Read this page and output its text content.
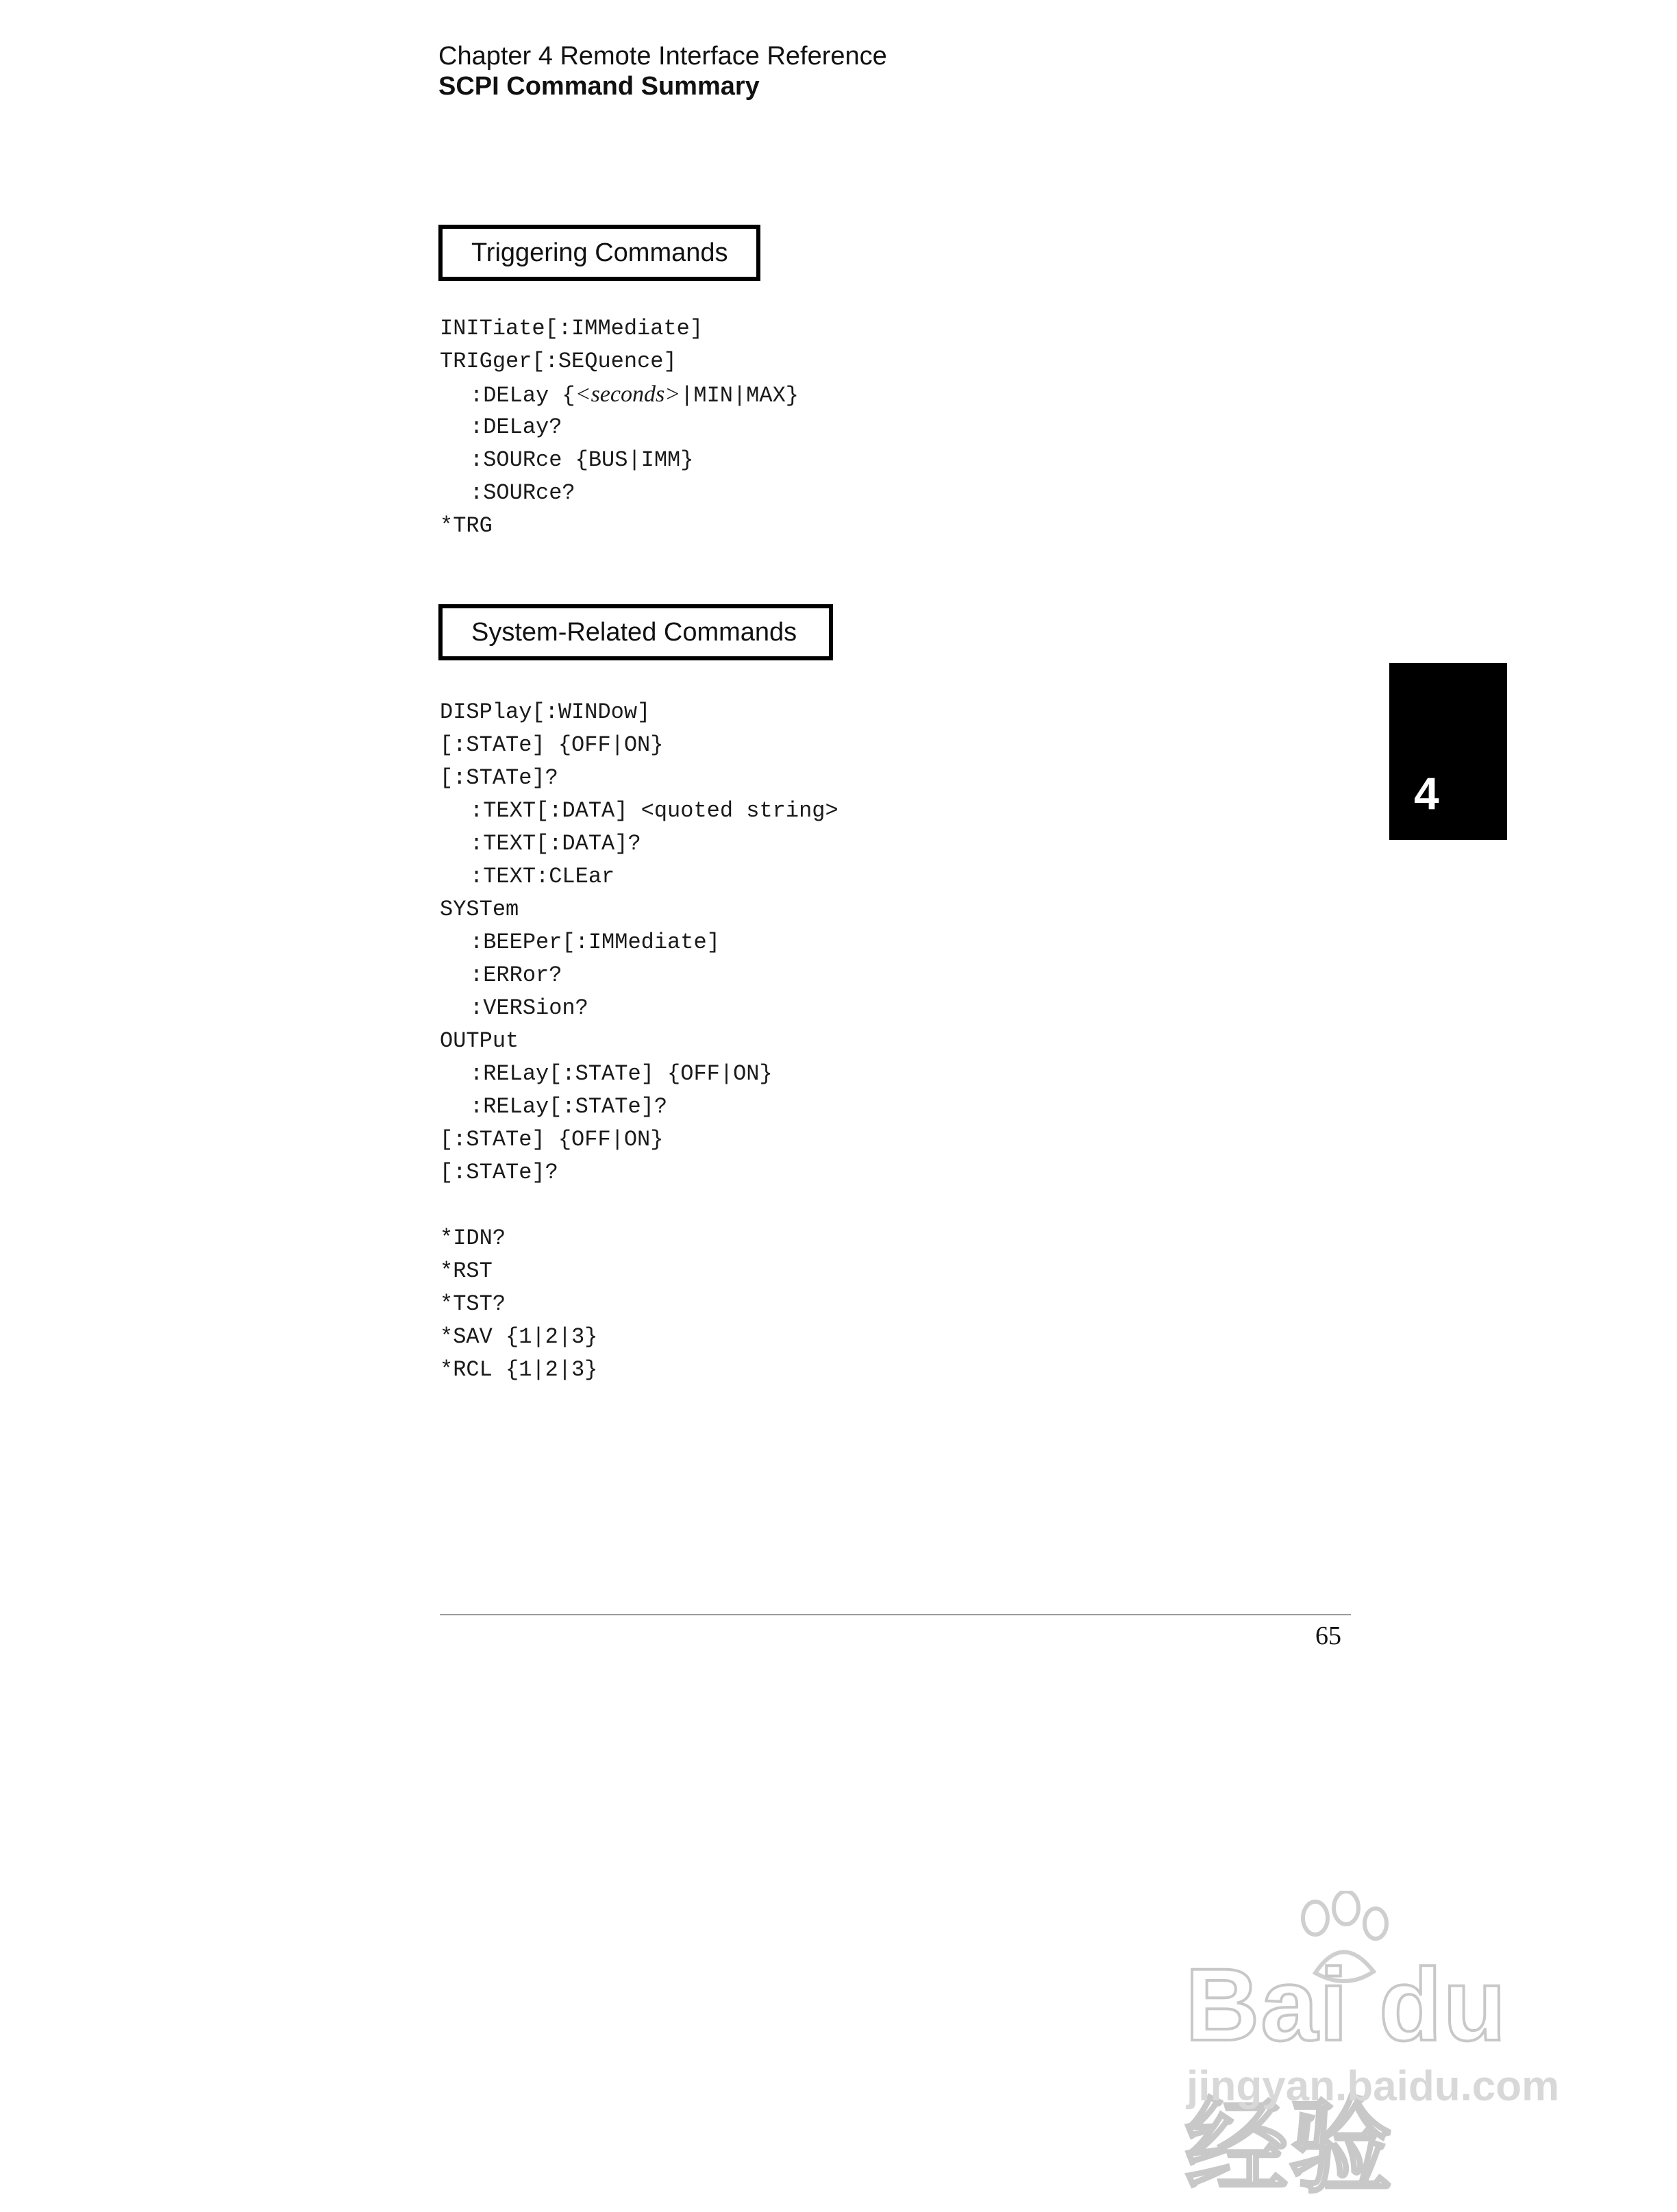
Chapter 4 Remote Interface Reference
SCPI Command Summary
Triggering Commands
INITiate[:IMMediate]
TRIGger[:SEQuence]
:DELay {<seconds>|MIN|MAX}
:DELay?
:SOURce {BUS|IMM}
:SOURce?
*TRG
System-Related Commands
DISPlay[:WINDow]
[:STATe] {OFF|ON}
[:STATe]?
:TEXT[:DATA] <quoted string>
:TEXT[:DATA]?
:TEXT:CLEar
SYSTem
:BEEPer[:IMMediate]
:ERRor?
:VERSion?
OUTPut
:RELay[:STATe] {OFF|ON}
:RELay[:STATe]?
[:STATe] {OFF|ON}
[:STATe]?
*IDN?
*RST
*TST?
*SAV {1|2|3}
*RCL {1|2|3}
4
65
Bai du 经验
jingyan.baidu.com
